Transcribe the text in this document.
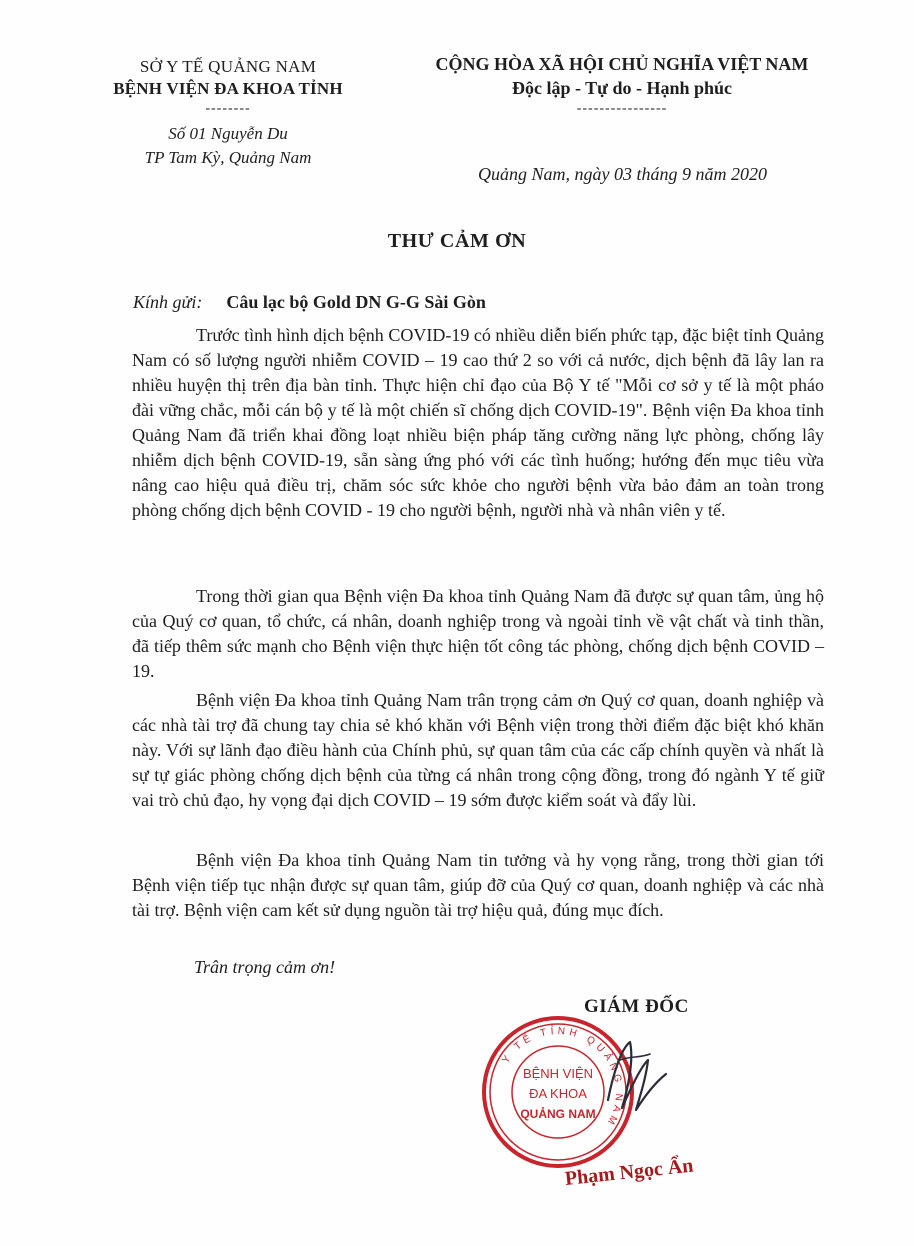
SỞ Y TẾ QUẢNG NAM
BỆNH VIỆN ĐA KHOA TỈNH
--------
Số 01 Nguyễn Du
TP Tam Kỳ, Quảng Nam
CỘNG HÒA XÃ HỘI CHỦ NGHĨA VIỆT NAM
Độc lập - Tự do - Hạnh phúc
----------------
Quảng Nam, ngày 03 tháng 9 năm 2020
THƯ CẢM ƠN
Kính gửi: Câu lạc bộ Gold DN G-G Sài Gòn

Trước tình hình dịch bệnh COVID-19 có nhiều diễn biến phức tạp, đặc biệt tỉnh Quảng Nam có số lượng người nhiễm COVID – 19 cao thứ 2 so với cả nước, dịch bệnh đã lây lan ra nhiều huyện thị trên địa bàn tỉnh. Thực hiện chỉ đạo của Bộ Y tế "Mỗi cơ sở y tế là một pháo đài vững chắc, mỗi cán bộ y tế là một chiến sĩ chống dịch COVID-19". Bệnh viện Đa khoa tỉnh Quảng Nam đã triển khai đồng loạt nhiều biện pháp tăng cường năng lực phòng, chống lây nhiễm dịch bệnh COVID-19, sẵn sàng ứng phó với các tình huống; hướng đến mục tiêu vừa nâng cao hiệu quả điều trị, chăm sóc sức khỏe cho người bệnh vừa bảo đảm an toàn trong phòng chống dịch bệnh COVID - 19 cho người bệnh, người nhà và nhân viên y tế.

Trong thời gian qua Bệnh viện Đa khoa tỉnh Quảng Nam đã được sự quan tâm, ủng hộ của Quý cơ quan, tổ chức, cá nhân, doanh nghiệp trong và ngoài tỉnh về vật chất và tinh thần, đã tiếp thêm sức mạnh cho Bệnh viện thực hiện tốt công tác phòng, chống dịch bệnh COVID – 19.

Bệnh viện Đa khoa tỉnh Quảng Nam trân trọng cảm ơn Quý cơ quan, doanh nghiệp và các nhà tài trợ đã chung tay chia sẻ khó khăn với Bệnh viện trong thời điểm đặc biệt khó khăn này. Với sự lãnh đạo điều hành của Chính phủ, sự quan tâm của các cấp chính quyền và nhất là sự tự giác phòng chống dịch bệnh của từng cá nhân trong cộng đồng, trong đó ngành Y tế giữ vai trò chủ đạo, hy vọng đại dịch COVID – 19 sớm được kiểm soát và đẩy lùi.

Bệnh viện Đa khoa tỉnh Quảng Nam tin tưởng và hy vọng rằng, trong thời gian tới Bệnh viện tiếp tục nhận được sự quan tâm, giúp đỡ của Quý cơ quan, doanh nghiệp và các nhà tài trợ. Bệnh viện cam kết sử dụng nguồn tài trợ hiệu quả, đúng mục đích.

Trân trọng cảm ơn!
GIÁM ĐỐC
Y TẾ TỈNH QUẢNG NAM
BỆNH VIỆN
ĐA KHOA
QUẢNG NAM
Phạm Ngọc Ẩn
